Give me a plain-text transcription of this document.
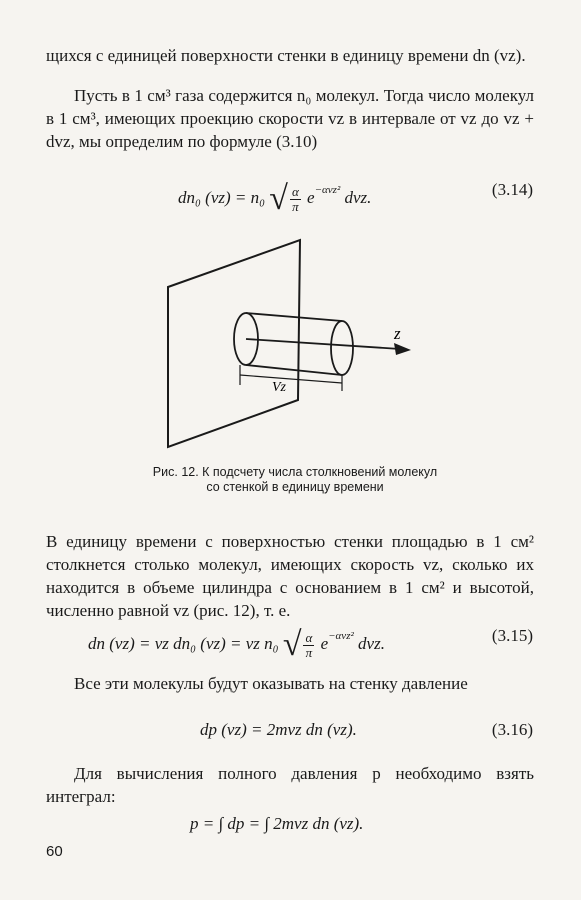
щихся с единицей поверхности стенки в единицу времени dn (vz).
Пусть в 1 см³ газа содержится n₀ молекул. Тогда число молекул в 1 см³, имеющих проекцию скорости vz в интервале от vz до vz + dvz, мы определим по формуле (3.10)
dn₀ (vz) = n₀ √ $\frac{\alpha}{\pi} e^{-\alpha vz^2}$ dvz.	(3.14)
z
Vz
Рис. 12. К подсчету числа столкновений молекул со стенкой в единицу времени
В единицу времени с поверхностью стенки площадью в 1 см² столкнется столько молекул, имеющих скорость vz, сколько их находится в объеме цилиндра с основанием в 1 см² и высотой, численно равной vz (рис. 12), т. е.
dn (vz) = vz dn₀ (vz) = vz n₀ √ $\frac{\alpha}{\pi} e^{-\alpha vz^2}$ dvz.	(3.15)
Все эти молекулы будут оказывать на стенку давление
dp (vz) = 2mvz dn (vz).	(3.16)
Для вычисления полного давления p необходимо взять интеграл:
p = ∫ dp = ∫ 2mvz dn (vz).
60
